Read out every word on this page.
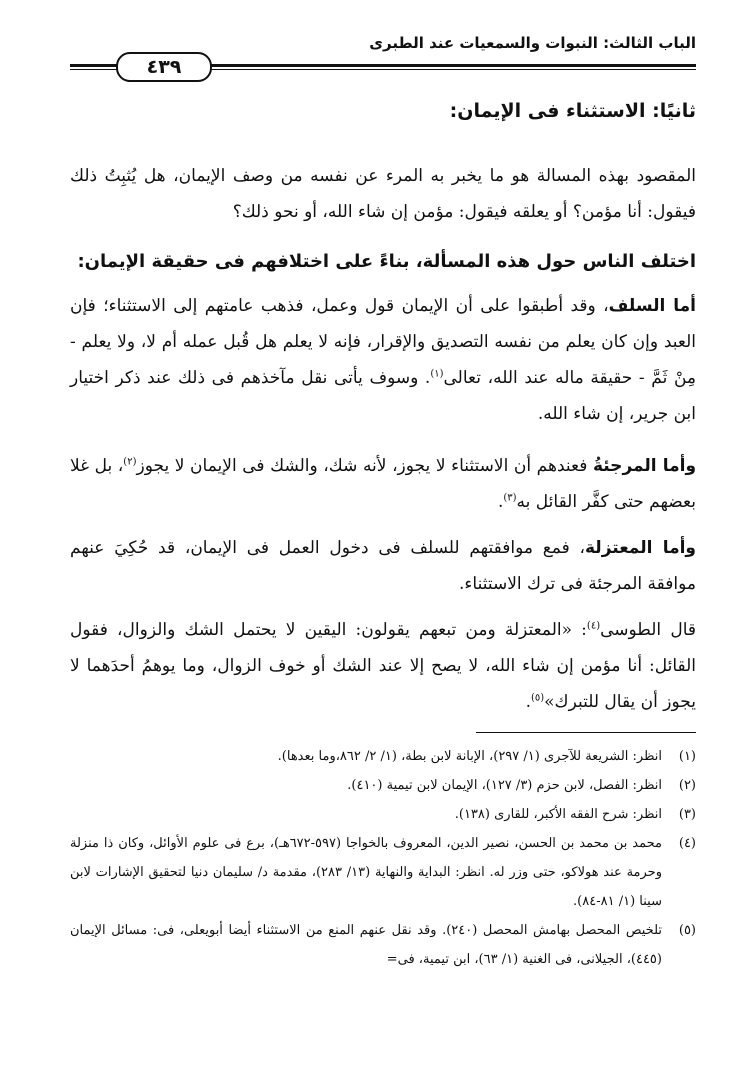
الباب الثالث: النبوات والسمعيات عند الطبرى
٤٣٩
ثانيًا: الاستثناء فى الإيمان:
المقصود بهذه المسالة هو ما يخبر به المرء عن نفسه من وصف الإيمان، هل يُثبِتُ ذلك فيقول: أنا مؤمن؟ أو يعلقه فيقول: مؤمن إن شاء الله، أو نحو ذلك؟
اختلف الناس حول هذه المسألة، بناءً على اختلافهم فى حقيقة الإيمان:
أما السلف، وقد أطبقوا على أن الإيمان قول وعمل، فذهب عامتهم إلى الاستثناء؛ فإن العبد وإن كان يعلم من نفسه التصديق والإقرار، فإنه لا يعلم هل قُبل عمله أم لا، ولا يعلم - مِنْ ثَمَّ - حقيقة ماله عند الله، تعالى$^{(١)}$. وسوف يأتى نقل مآخذهم فى ذلك عند ذكر اختيار ابن جرير، إن شاء الله.
وأما المرجئةُ فعندهم أن الاستثناء لا يجوز، لأنه شك، والشك فى الإيمان لا يجوز$^{(٢)}$، بل غلا بعضهم حتى كفَّر القائل به$^{(٣)}$.
وأما المعتزلة، فمع موافقتهم للسلف فى دخول العمل فى الإيمان، قد حُكِيَ عنهم موافقة المرجئة فى ترك الاستثناء.
قال الطوسى$^{(٤)}$: «المعتزلة ومن تبعهم يقولون: اليقين لا يحتمل الشك والزوال، فقول القائل: أنا مؤمن إن شاء الله، لا يصح إلا عند الشك أو خوف الزوال، وما يوهمُ أحدَهما لا يجوز أن يقال للتبرك»$^{(٥)}$.
(١)
انظر: الشريعة للآجرى (١/ ٢٩٧)، الإبانة لابن بطة، (١/ ٢/ ٨٦٢،وما بعدها).
(٢)
انظر: الفصل، لابن حزم (٣/ ١٢٧)، الإيمان لابن تيمية (٤١٠).
(٣)
انظر: شرح الفقه الأكبر، للقارى (١٣٨).
(٤)
محمد بن محمد بن الحسن، نصير الدين، المعروف بالخواجا (٥٩٧-٦٧٢هـ)، برع فى علوم الأوائل، وكان ذا منزلة وحرمة عند هولاكو، حتى وزر له. انظر: البداية والنهاية (١٣/ ٢٨٣)، مقدمة د/ سليمان دنيا لتحقيق الإشارات لابن سينا (١/ ٨١-٨٤).
(٥)
تلخيص المحصل بهامش المحصل (٢٤٠). وقد نقل عنهم المنع من الاستثناء أيضا أبويعلى، فى: مسائل الإيمان (٤٤٥)، الجيلانى، فى الغنية (١/ ٦٣)، ابن تيمية، فى=
